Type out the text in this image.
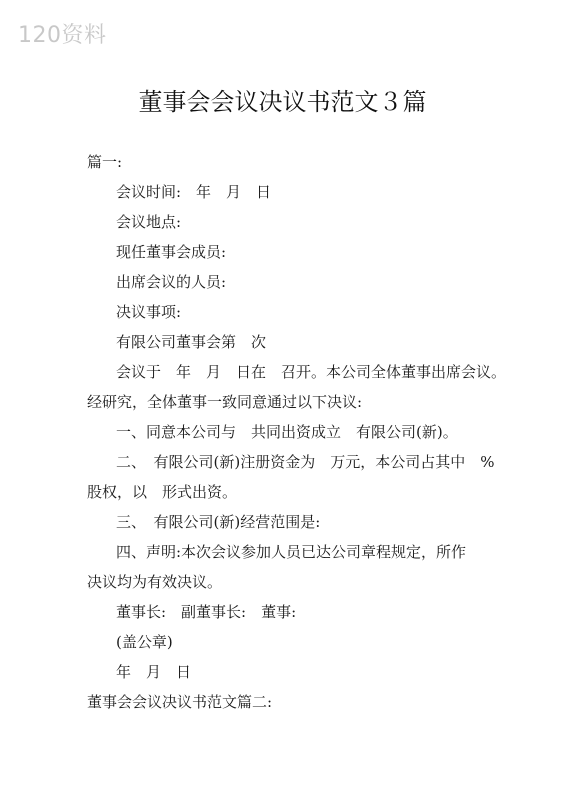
120资料
董事会会议决议书范文３篇
篇一:
会议时间:　年　月　日
会议地点:
现任董事会成员:
出席会议的人员:
决议事项:
有限公司董事会第　次
会议于　年　月　日在　召开。本公司全体董事出席会议。
经研究，全体董事一致同意通过以下决议:
一、同意本公司与　共同出资成立　有限公司(新)。
二、　有限公司(新)注册资金为　万元，本公司占其中　%
股权，以　形式出资。
三、　有限公司(新)经营范围是:
四、声明:本次会议参加人员已达公司章程规定，所作
决议均为有效决议。
董事长:　副董事长:　董事:
(盖公章)
年　月　日
董事会会议决议书范文篇二:
